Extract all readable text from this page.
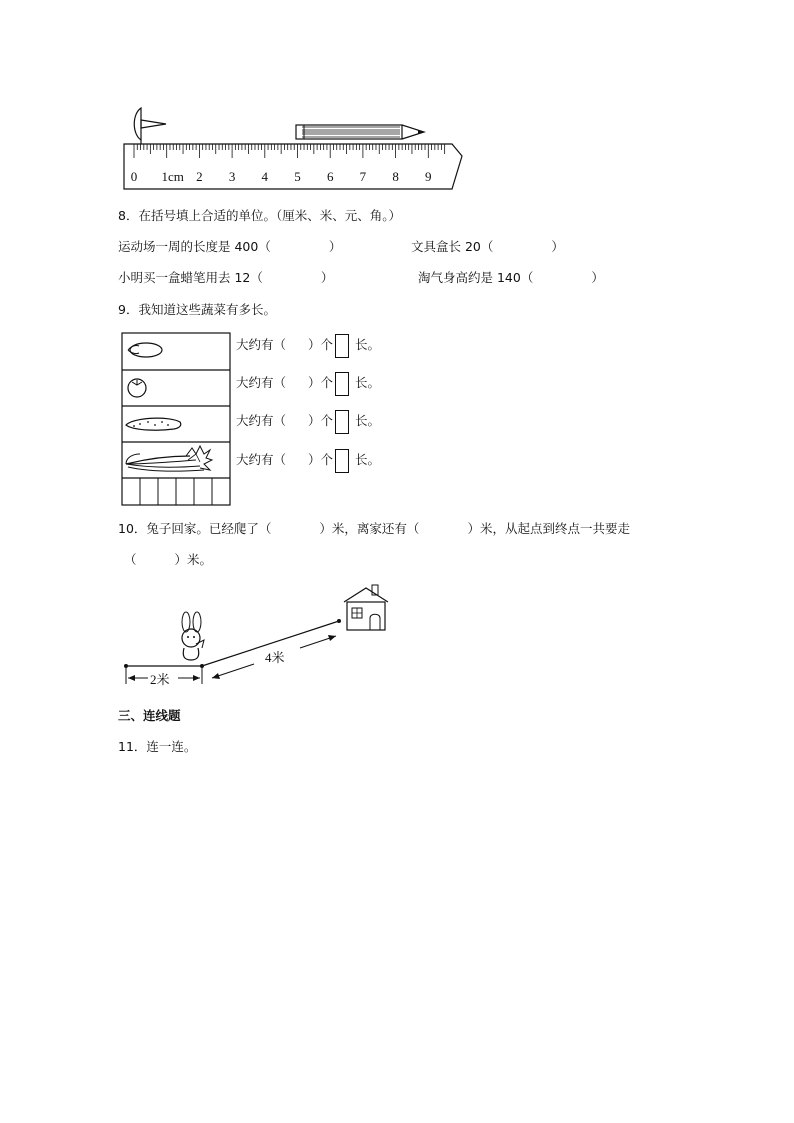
0 1cm 2 3 4 5 6 7 8 9
8．在括号填上合适的单位。（厘米、米、元、角。）
运动场一周的长度是 400（	）	文具盒长 20（	）
小明买一盒蜡笔用去 12（	）	淘气身高约是 140（	）
9．我知道这些蔬菜有多长。
大约有（ ）个 长。
大约有（ ）个 长。
大约有（ ）个 长。
大约有（ ）个 长。
10．兔子回家。已经爬了（	）米，离家还有（	）米，从起点到终点一共要走
（	）米。
2米
4米
三、连线题
11．连一连。
